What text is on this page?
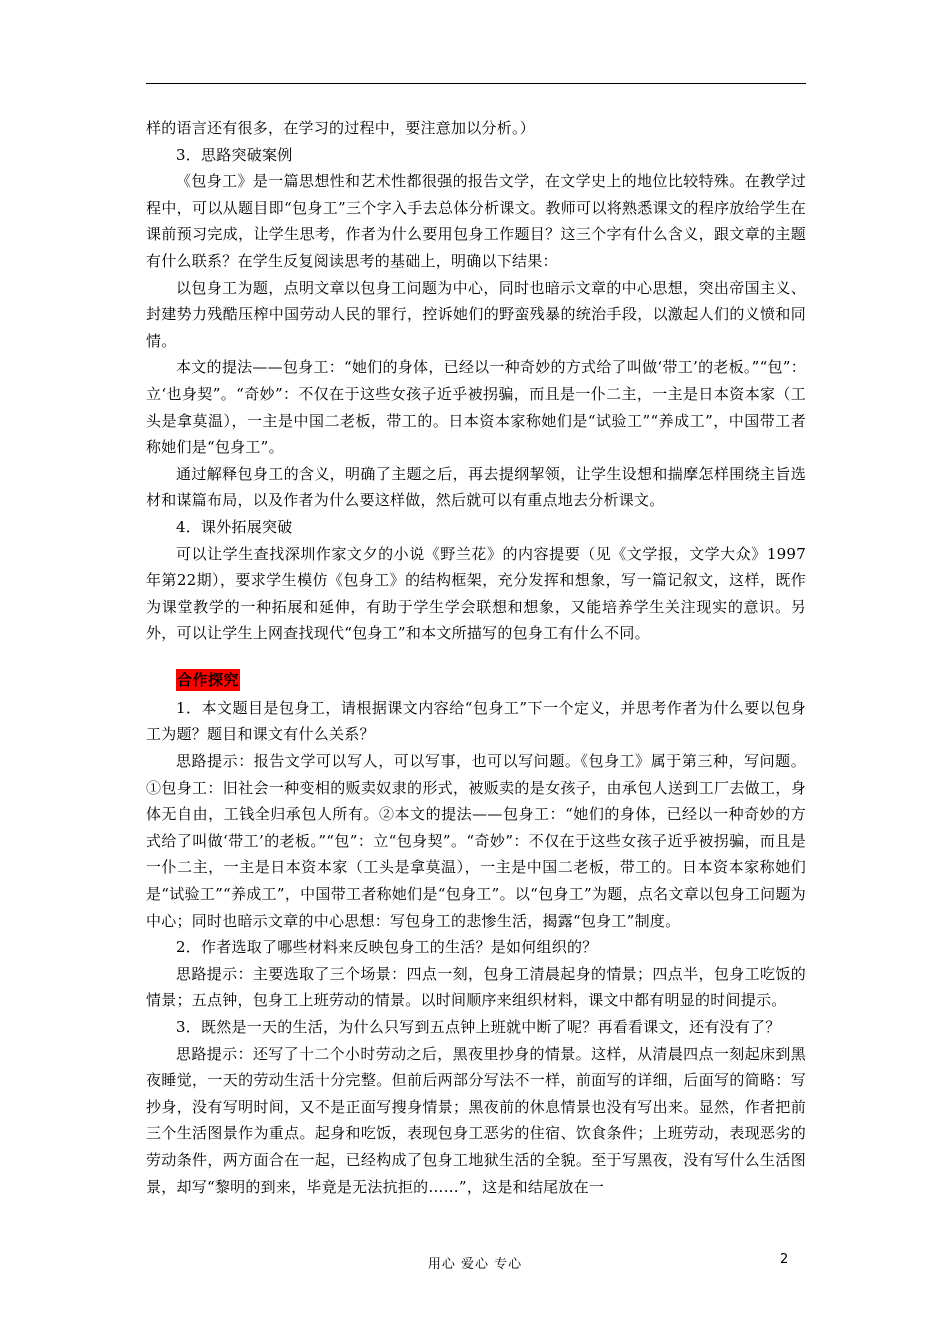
样的语言还有很多，在学习的过程中，要注意加以分析。）

3．思路突破案例

《包身工》是一篇思想性和艺术性都很强的报告文学，在文学史上的地位比较特殊。在教学过程中，可以从题目即“包身工”三个字入手去总体分析课文。教师可以将熟悉课文的程序放给学生在课前预习完成，让学生思考，作者为什么要用包身工作题目？这三个字有什么含义，跟文章的主题有什么联系？在学生反复阅读思考的基础上，明确以下结果：

以包身工为题，点明文章以包身工问题为中心，同时也暗示文章的中心思想，突出帝国主义、封建势力残酷压榨中国劳动人民的罪行，控诉她们的野蛮残暴的统治手段，以激起人们的义愤和同情。

本文的提法——包身工：“她们的身体，已经以一种奇妙的方式给了叫做‘带工’的老板。”“包”：立‘也身契”。“奇妙”：不仅在于这些女孩子近乎被拐骗，而且是一仆二主，一主是日本资本家（工头是拿莫温），一主是中国二老板，带工的。日本资本家称她们是“试验工”“养成工”，中国带工者称她们是“包身工”。

通过解释包身工的含义，明确了主题之后，再去提纲挈领，让学生设想和揣摩怎样围绕主旨选材和谋篇布局，以及作者为什么要这样做，然后就可以有重点地去分析课文。

4．课外拓展突破

可以让学生查找深圳作家文夕的小说《野兰花》的内容提要（见《文学报，文学大众》1997年第22期），要求学生模仿《包身工》的结构框架，充分发挥和想象，写一篇记叙文，这样，既作为课堂教学的一种拓展和延伸，有助于学生学会联想和想象，又能培养学生关注现实的意识。另外，可以让学生上网查找现代“包身工”和本文所描写的包身工有什么不同。

合作探究

1．本文题目是包身工，请根据课文内容给“包身工”下一个定义，并思考作者为什么要以包身工为题？题目和课文有什么关系？

思路提示：报告文学可以写人，可以写事，也可以写问题。《包身工》属于第三种，写问题。①包身工：旧社会一种变相的贩卖奴隶的形式，被贩卖的是女孩子，由承包人送到工厂去做工，身体无自由，工钱全归承包人所有。②本文的提法——包身工：“她们的身体，已经以一种奇妙的方式给了叫做‘带工’的老板。”“包”：立“包身契”。“奇妙”：不仅在于这些女孩子近乎被拐骗，而且是一仆二主，一主是日本资本家（工头是拿莫温），一主是中国二老板，带工的。日本资本家称她们是“试验工”“养成工”，中国带工者称她们是“包身工”。以“包身工”为题，点名文章以包身工问题为中心；同时也暗示文章的中心思想：写包身工的悲惨生活，揭露“包身工”制度。

2．作者选取了哪些材料来反映包身工的生活？是如何组织的？

思路提示：主要选取了三个场景：四点一刻，包身工清晨起身的情景；四点半，包身工吃饭的情景；五点钟，包身工上班劳动的情景。以时间顺序来组织材料，课文中都有明显的时间提示。

3．既然是一天的生活，为什么只写到五点钟上班就中断了呢？再看看课文，还有没有了？

思路提示：还写了十二个小时劳动之后，黑夜里抄身的情景。这样，从清晨四点一刻起床到黑夜睡觉，一天的劳动生活十分完整。但前后两部分写法不一样，前面写的详细，后面写的简略：写抄身，没有写明时间，又不是正面写搜身情景；黑夜前的休息情景也没有写出来。显然，作者把前三个生活图景作为重点。起身和吃饭，表现包身工恶劣的住宿、饮食条件；上班劳动，表现恶劣的劳动条件，两方面合在一起，已经构成了包身工地狱生活的全貌。至于写黑夜，没有写什么生活图景，却写“黎明的到来，毕竟是无法抗拒的……”，这是和结尾放在一

用心 爱心 专心	2
